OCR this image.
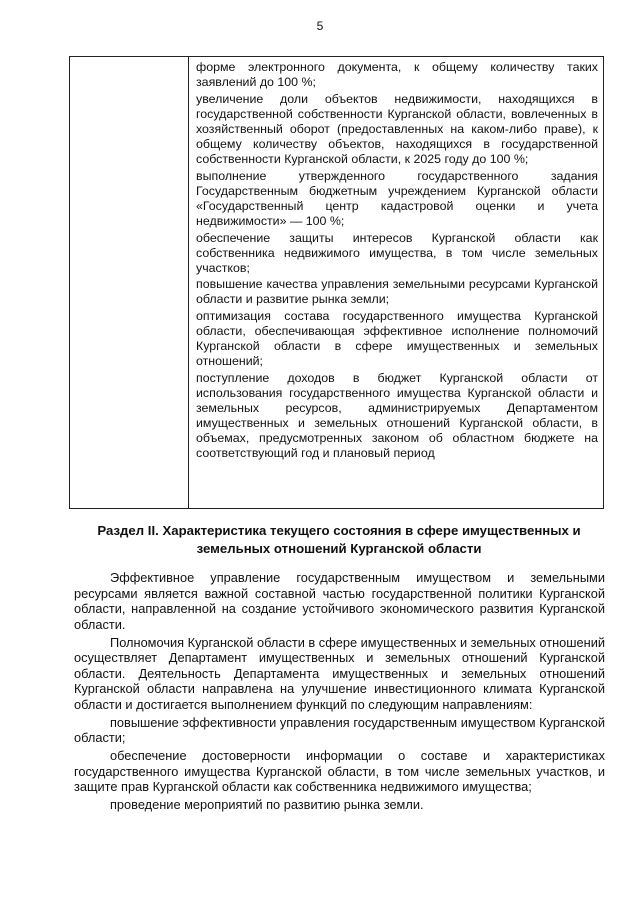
5

форме электронного документа, к общему количеству таких заявлений до 100 %;

увеличение доли объектов недвижимости, находящихся в государственной собственности Курганской области, вовлеченных в хозяйственный оборот (предоставленных на каком-либо праве), к общему количеству объектов, находящихся в государственной собственности Курганской области, к 2025 году до 100 %;

выполнение утвержденного государственного задания Государственным бюджетным учреждением Курганской области «Государственный центр кадастровой оценки и учета недвижимости» — 100 %;

обеспечение защиты интересов Курганской области как собственника недвижимого имущества, в том числе земельных участков;

повышение качества управления земельными ресурсами Курганской области и развитие рынка земли;

оптимизация состава государственного имущества Курганской области, обеспечивающая эффективное исполнение полномочий Курганской области в сфере имущественных и земельных отношений;

поступление доходов в бюджет Курганской области от использования государственного имущества Курганской области и земельных ресурсов, администрируемых Департаментом имущественных и земельных отношений Курганской области, в объемах, предусмотренных законом об областном бюджете на соответствующий год и плановый период

Раздел II. Характеристика текущего состояния в сфере имущественных и земельных отношений Курганской области

Эффективное управление государственным имуществом и земельными ресурсами является важной составной частью государственной политики Курганской области, направленной на создание устойчивого экономического развития Курганской области.

Полномочия Курганской области в сфере имущественных и земельных отношений осуществляет Департамент имущественных и земельных отношений Курганской области. Деятельность Департамента имущественных и земельных отношений Курганской области направлена на улучшение инвестиционного климата Курганской области и достигается выполнением функций по следующим направлениям:

повышение эффективности управления государственным имуществом Курганской области;

обеспечение достоверности информации о составе и характеристиках государственного имущества Курганской области, в том числе земельных участков, и защите прав Курганской области как собственника недвижимого имущества;

проведение мероприятий по развитию рынка земли.
